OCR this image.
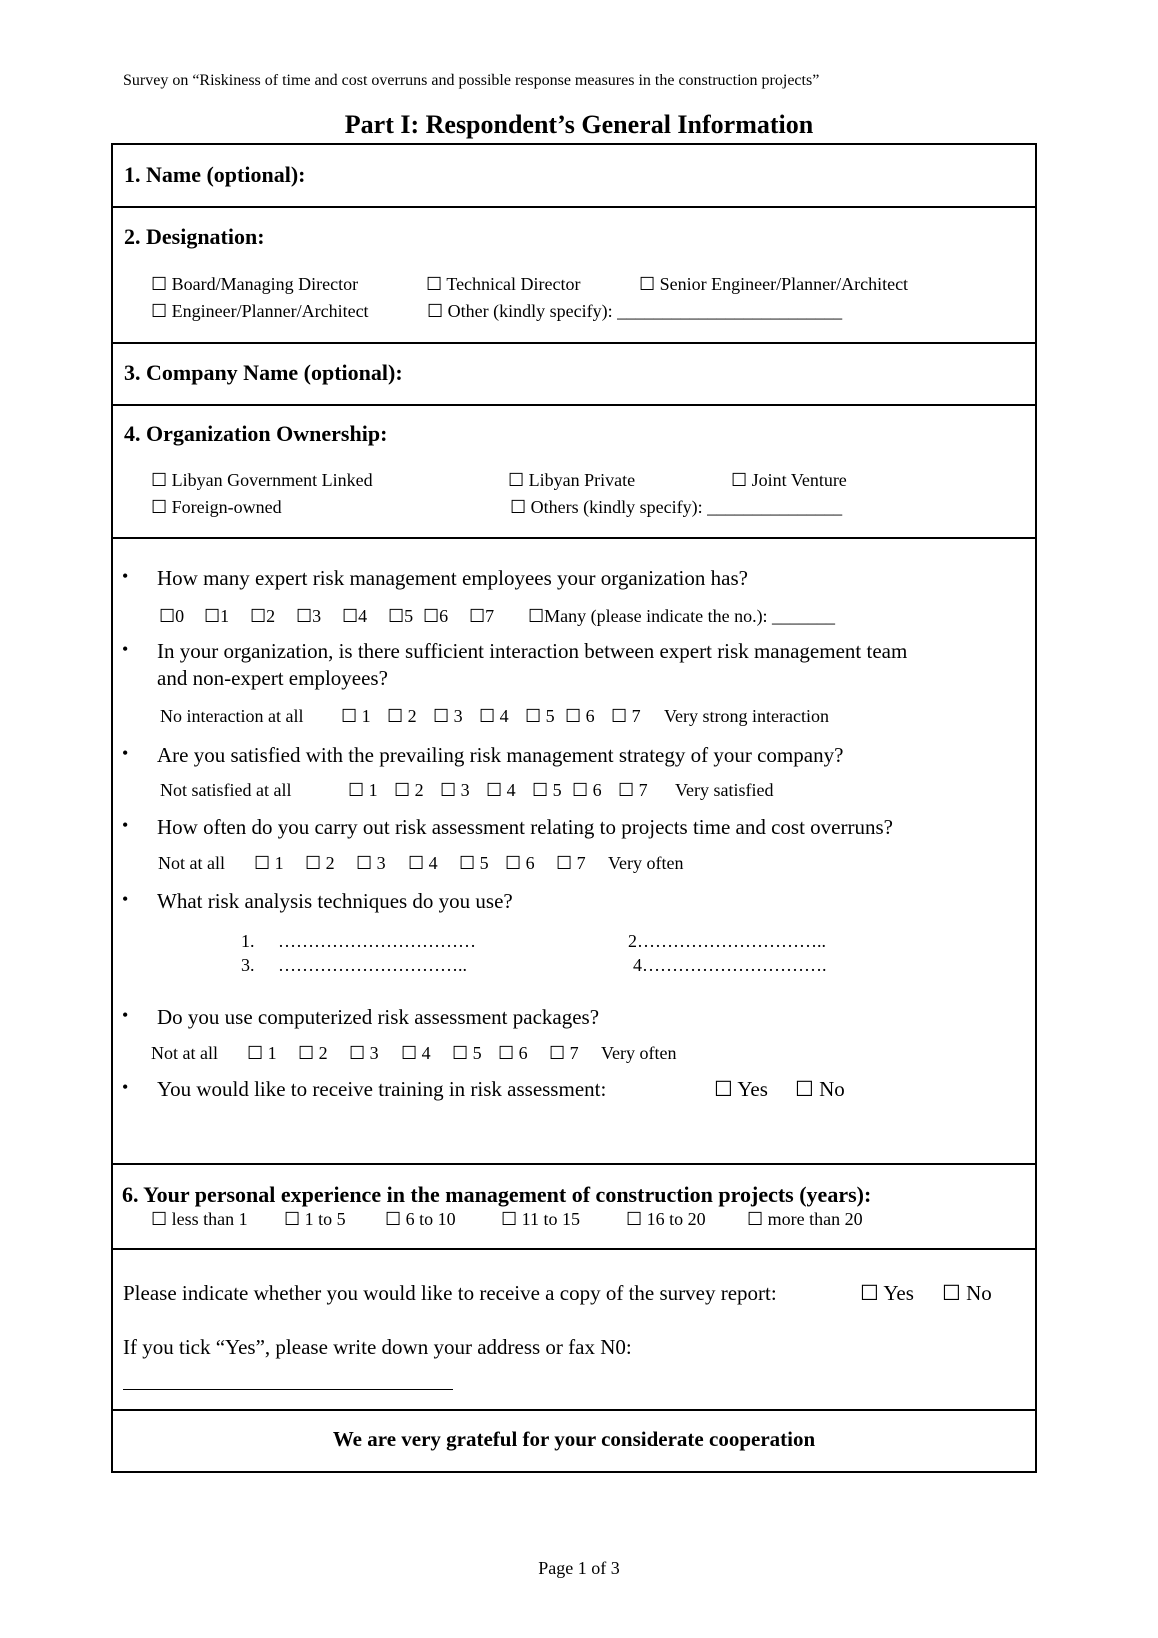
Survey on “Riskiness of time and cost overruns and possible response measures in the construction projects”
Part I: Respondent’s General Information
1. Name (optional):
2. Designation:
☐ Board/Managing Director	☐ Technical Director	☐ Senior Engineer/Planner/Architect
☐ Engineer/Planner/Architect	☐ Other (kindly specify): _________________________
3. Company Name (optional):
4. Organization Ownership:
☐ Libyan Government Linked	☐ Libyan Private	☐ Joint Venture
☐ Foreign-owned	☐ Others (kindly specify): _______________
• How many expert risk management employees your organization has?
☐0 ☐1 ☐2 ☐3 ☐4 ☐5 ☐6 ☐7 ☐Many (please indicate the no.): _______
• In your organization, is there sufficient interaction between expert risk management team
and non-expert employees?
No interaction at all ☐ 1 ☐ 2 ☐ 3 ☐ 4 ☐ 5 ☐ 6 ☐ 7 Very strong interaction
• Are you satisfied with the prevailing risk management strategy of your company?
Not satisfied at all	☐ 1 ☐ 2 ☐ 3 ☐ 4 ☐ 5 ☐ 6 ☐ 7 Very satisfied
• How often do you carry out risk assessment relating to projects time and cost overruns?
Not at all ☐ 1 ☐ 2 ☐ 3 ☐ 4 ☐ 5 ☐ 6 ☐ 7 Very often
• What risk analysis techniques do you use?
1. ……………………………	2…………………………..
3. …………………………..	4………………………….
• Do you use computerized risk assessment packages?
Not at all ☐ 1 ☐ 2 ☐ 3 ☐ 4 ☐ 5 ☐ 6 ☐ 7 Very often
• You would like to receive training in risk assessment:	☐ Yes ☐ No
6. Your personal experience in the management of construction projects (years):
☐ less than 1 ☐ 1 to 5 ☐ 6 to 10	☐ 11 to 15	☐ 16 to 20 ☐ more than 20
Please indicate whether you would like to receive a copy of the survey report:	☐ Yes ☐ No
If you tick “Yes”, please write down your address or fax N0:
We are very grateful for your considerate cooperation
Page 1 of 3
